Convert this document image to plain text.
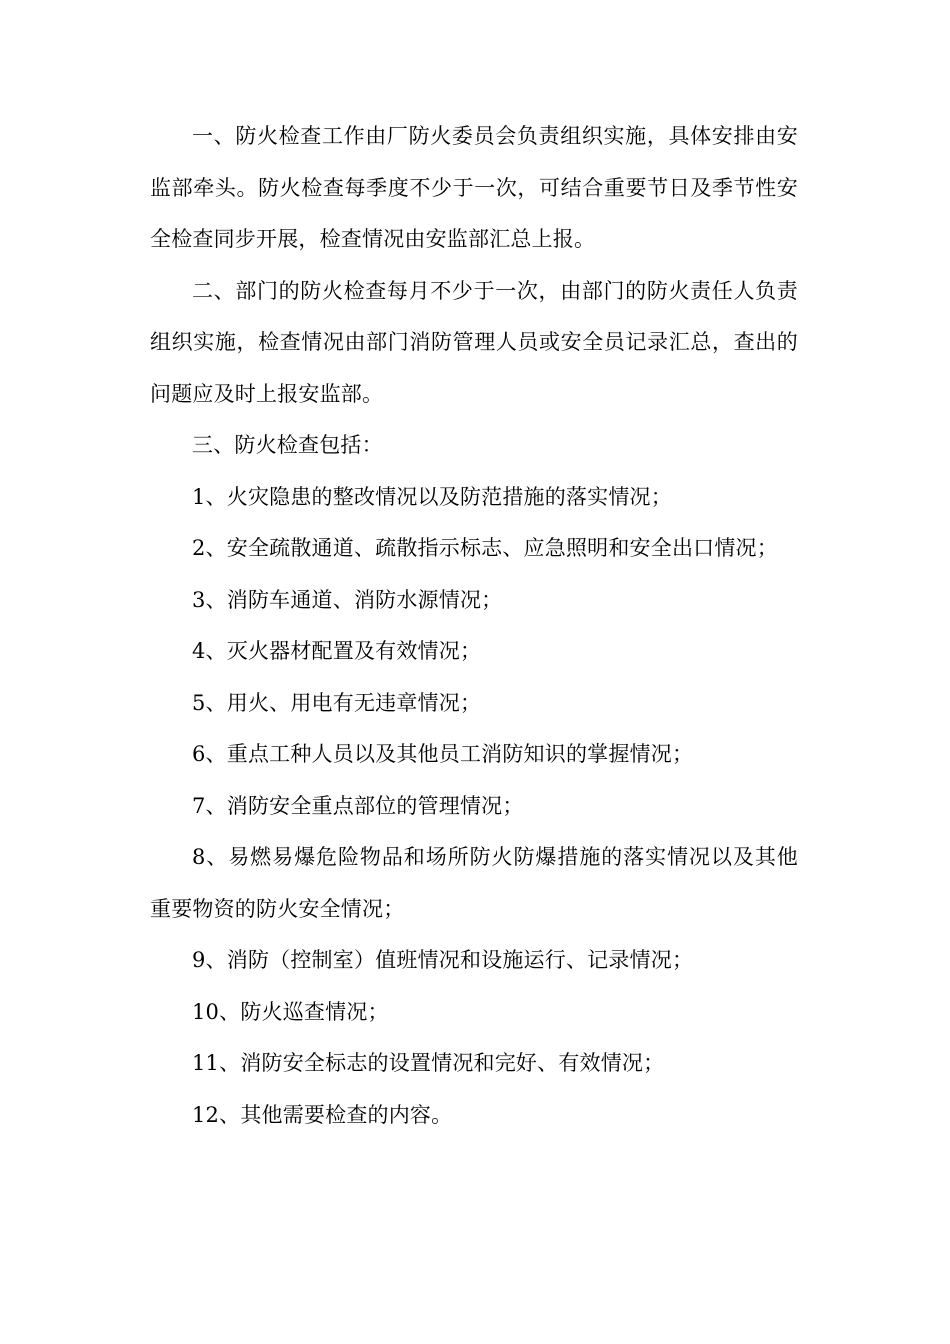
一、防火检查工作由厂防火委员会负责组织实施，具体安排由安监部牵头。防火检查每季度不少于一次，可结合重要节日及季节性安全检查同步开展，检查情况由安监部汇总上报。

二、部门的防火检查每月不少于一次，由部门的防火责任人负责组织实施，检查情况由部门消防管理人员或安全员记录汇总，查出的问题应及时上报安监部。

三、防火检查包括：

1、火灾隐患的整改情况以及防范措施的落实情况；

2、安全疏散通道、疏散指示标志、应急照明和安全出口情况；

3、消防车通道、消防水源情况；

4、灭火器材配置及有效情况；

5、用火、用电有无违章情况；

6、重点工种人员以及其他员工消防知识的掌握情况；

7、消防安全重点部位的管理情况；

8、易燃易爆危险物品和场所防火防爆措施的落实情况以及其他重要物资的防火安全情况；

9、消防（控制室）值班情况和设施运行、记录情况；

10、防火巡查情况；

11、消防安全标志的设置情况和完好、有效情况；

12、其他需要检查的内容。
